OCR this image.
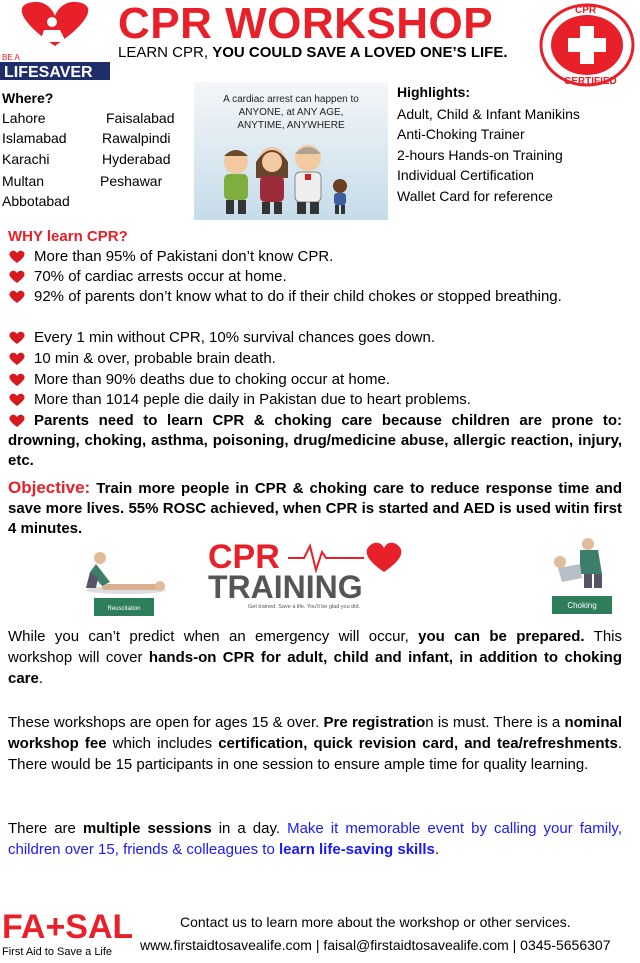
BE A
LIFESAVER
CPR WORKSHOP
LEARN CPR, YOU COULD SAVE A LOVED ONE’S LIFE.
CPR
CERTIFIED
Where?
Lahore	Faisalabad
Islamabad	Rawalpindi
Karachi	Hyderabad
Multan	Peshawar
Abbotabad
A cardiac arrest can happen to
ANYONE, at ANY AGE,
ANYTIME, ANYWHERE
Highlights:
Adult, Child & Infant Manikins
Anti-Choking Trainer
2-hours Hands-on Training
Individual Certification
Wallet Card for reference
WHY learn CPR?
More than 95% of Pakistani don’t know CPR.
70% of cardiac arrests occur at home.
92% of parents don’t know what to do if their child chokes or stopped breathing.
Every 1 min without CPR, 10% survival chances goes down.
10 min & over, probable brain death.
More than 90% deaths due to choking occur at home.
More than 1014 peple die daily in Pakistan due to heart problems.
Parents need to learn CPR & choking care because children are prone to: drowning, choking, asthma, poisoning, drug/medicine abuse, allergic reaction, injury, etc.
Objective: Train more people in CPR & choking care to reduce response time and save more lives. 55% ROSC achieved, when CPR is started and AED is used witin first 4 minutes.
Reuscitation
CPR
TRAINING
Get trained. Save a life. You'll be glad you did.	Choking
While you can’t predict when an emergency will occur, you can be prepared. This workshop will cover hands-on CPR for adult, child and infant, in addition to choking care.
These workshops are open for ages 15 & over. Pre registration is must. There is a nominal workshop fee which includes certification, quick revision card, and tea/refreshments. There would be 15 participants in one session to ensure ample time for quality learning.
There are multiple sessions in a day. Make it memorable event by calling your family, children over 15, friends & colleagues to learn life-saving skills.
FA+SAL
First Aid to Save a Life
Contact us to learn more about the workshop or other services.
www.firstaidtosavealife.com | faisal@firstaidtosavealife.com | 0345-5656307
